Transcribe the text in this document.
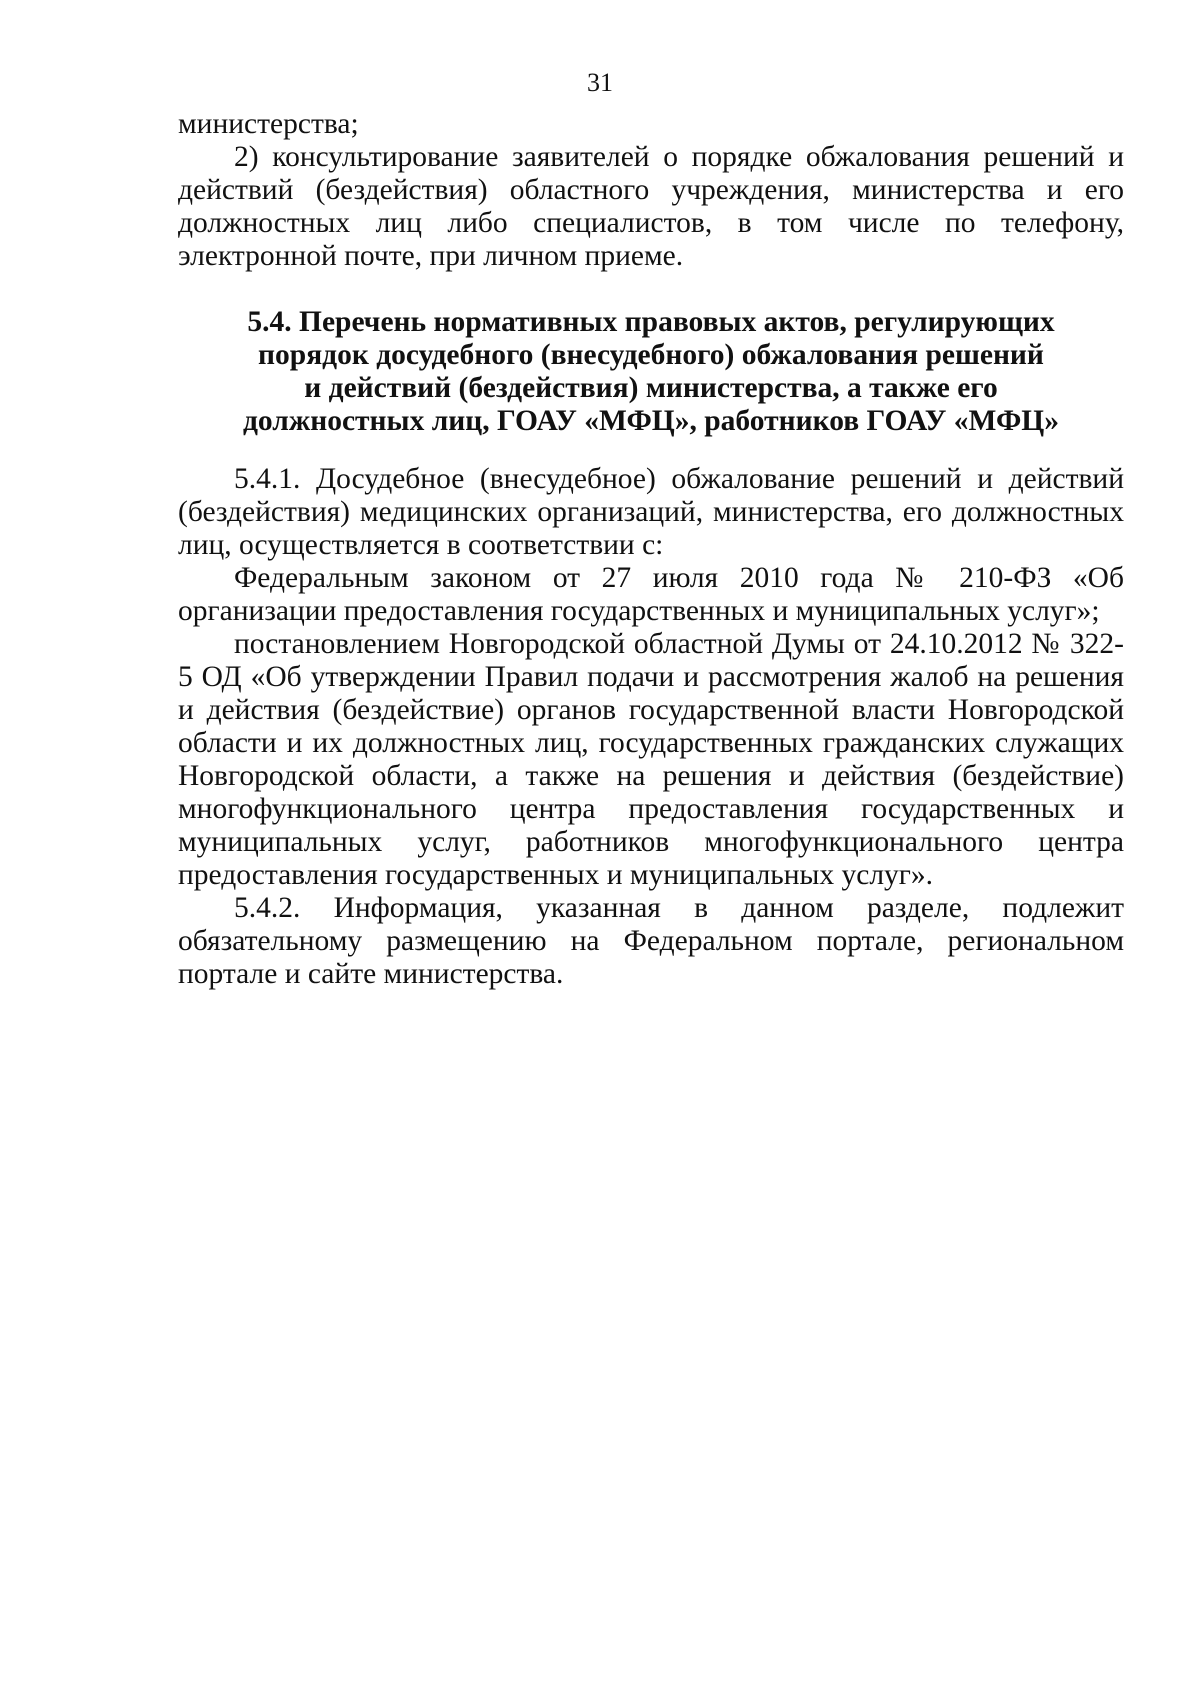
31

министерства;

2) консультирование заявителей о порядке обжалования решений и действий (бездействия) областного учреждения, министерства и его должностных лиц либо специалистов, в том числе по телефону, электронной почте, при личном приеме.

5.4. Перечень нормативных правовых актов, регулирующих
порядок досудебного (внесудебного) обжалования решений
и действий (бездействия) министерства, а также его
должностных лиц, ГОАУ «МФЦ», работников ГОАУ «МФЦ»

5.4.1. Досудебное (внесудебное) обжалование решений и действий (бездействия) медицинских организаций, министерства, его должностных лиц, осуществляется в соответствии с:

Федеральным законом от 27 июля 2010 года № 210-ФЗ «Об организации предоставления государственных и муниципальных услуг»;

постановлением Новгородской областной Думы от 24.10.2012 № 322-5 ОД «Об утверждении Правил подачи и рассмотрения жалоб на решения и действия (бездействие) органов государственной власти Новгородской области и их должностных лиц, государственных гражданских служащих Новгородской области, а также на решения и действия (бездействие) многофункционального центра предоставления государственных и муниципальных услуг, работников многофункционального центра предоставления государственных и муниципальных услуг».

5.4.2. Информация, указанная в данном разделе, подлежит обязательному размещению на Федеральном портале, региональном портале и сайте министерства.
